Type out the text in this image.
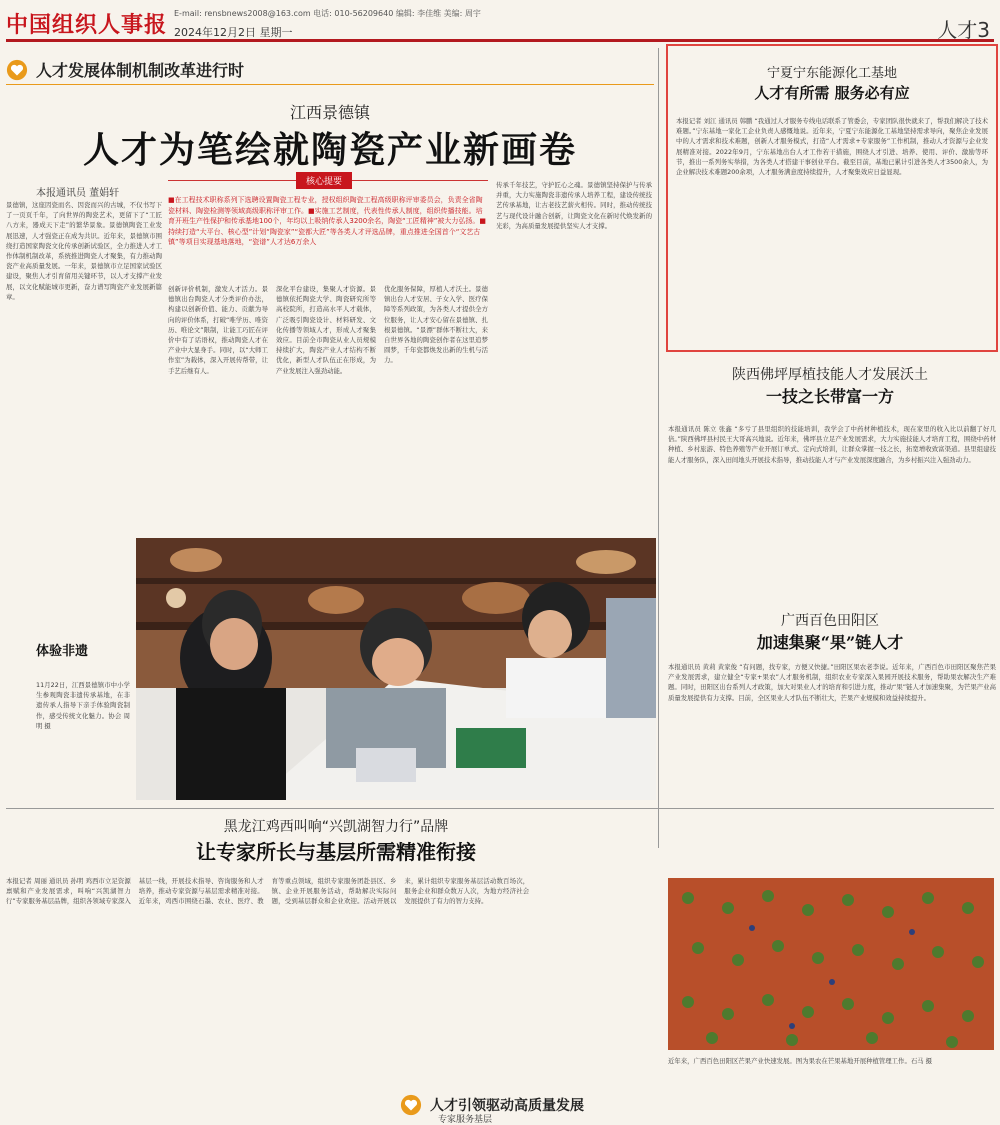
中国组织人事报 E-mail: rensbnews2008@163.com 电话: 010-56209640 编辑: 李佳维 美编: 周宇
2024年12月2日 星期一	人才3
人才发展体制机制改革进行时
江西景德镇
人才为笔绘就陶瓷产业新画卷
本报通讯员 董娟轩
景德镇，这座因瓷而名、因瓷而兴的古城，不仅书写下了一页页千年，了向世界的陶瓷艺术，更留下了“工匠八方来，器成天下走”的繁华景象。景德镇陶瓷工业发展迅速，人才强瓷正在成为共识。近年来，景德镇市围绕打造国家陶瓷文化传承创新试验区，全力推进人才工作体制机制改革，系统推进陶瓷人才聚集，有力推动陶瓷产业高质量发展。一年来，景德镇市立足国家试验区建设，聚焦人才引育留用关键环节，以人才支撑产业发展，以文化赋能城市更新，奋力谱写陶瓷产业发展新篇章。
核心提要
■在工程技术职称系列下选聘设置陶瓷工程专业，授权组织陶瓷工程高级职称评审委员会，负责全省陶瓷材料、陶瓷检测等领域高级职称评审工作。■实施工艺制度，代表性传承人制度，组织传播技能。培育开班生产性保护和传承基地100个，年均以上吸纳传承人3200余名，陶瓷“工匠精神”被大力弘扬。■持续打造“大平台、核心型”计划“陶瓷家”“瓷都大匠”等各类人才评选品牌，重点推进全国首个“文艺古镇”等项目实现基地落地，“瓷谱”人才达6万余人
传承千年技艺，守护匠心之魂。景德镇坚持保护与传承并重，大力实施陶瓷非遗传承人培养工程，建设传统技艺传承基地，让古老技艺薪火相传。同时，推动传统技艺与现代设计融合创新，让陶瓷文化在新时代焕发新的光彩，为高质量发展提供坚实人才支撑。
创新评价机制，激发人才活力。景德镇出台陶瓷人才分类评价办法，构建以创新价值、能力、贡献为导向的评价体系，打破“唯学历、唯资历、唯论文”限制，让能工巧匠在评价中有了话语权，推动陶瓷人才在产业中大显身手。同时，以“大师工作室”为载体，深入开展传帮带，让手艺后继有人。
深化平台建设，集聚人才资源。景德镇依托陶瓷大学、陶瓷研究所等高校院所，打造高水平人才载体，广泛吸引陶瓷设计、材料研发、文化传播等领域人才，形成人才聚集效应。目前全市陶瓷从业人员规模持续扩大，陶瓷产业人才结构不断优化，新型人才队伍正在形成，为产业发展注入强劲动能。
优化服务保障，厚植人才沃土。景德镇出台人才安居、子女入学、医疗保障等系列政策，为各类人才提供全方位服务，让人才安心留在景德镇、扎根景德镇。“景漂”群体不断壮大，来自世界各地的陶瓷创作者在这里追梦圆梦，千年瓷都焕发出新的生机与活力。
体验非遗
11月22日，江西景德镇市中小学生参观陶瓷非遗传承基地，在非遗传承人指导下亲手体验陶瓷制作，感受传统文化魅力。协会 周明 摄
宁夏宁东能源化工基地
人才有所需 服务必有应
本报记者 刘江 通讯员 韩鹏 “我通过人才服务专线电话联系了管委会，专家团队很快就来了，帮我们解决了技术难题。”宁东基地一家化工企业负责人感慨地说。近年来，宁夏宁东能源化工基地坚持需求导向，聚焦企业发展中的人才需求和技术难题，创新人才服务模式，打造“人才需求+专家服务”工作机制，推动人才资源与企业发展精准对接。2022年9月，宁东基地出台人才工作若干措施，围绕人才引进、培养、使用、评价、激励等环节，推出一系列务实举措，为各类人才搭建干事创业平台。截至目前，基地已累计引进各类人才3500余人，为企业解决技术难题200余项，人才服务满意度持续提升，人才聚集效应日益显现。
陕西佛坪厚植技能人才发展沃土
一技之长带富一方
本报通讯员 陈立 张鑫 “多亏了县里组织的技能培训，我学会了中药材种植技术，现在家里的收入比以前翻了好几倍。”陕西佛坪县村民王大哥高兴地说。近年来，佛坪县立足产业发展需求，大力实施技能人才培育工程，围绕中药材种植、乡村旅游、特色养殖等产业开展订单式、定向式培训，让群众掌握一技之长，拓宽增收致富渠道。县里组建技能人才服务队，深入田间地头开展技术指导，推动技能人才与产业发展深度融合，为乡村振兴注入强劲动力。
广西百色田阳区
加速集聚“果”链人才
本报通讯员 黄莉 黄家俊 “有问题，找专家，方便又快捷。”田阳区果农老李说。近年来，广西百色市田阳区聚焦芒果产业发展需求，建立健全“专家+果农”人才服务机制，组织农业专家深入果园开展技术服务，帮助果农解决生产难题。同时，田阳区出台系列人才政策，加大对果业人才的培育和引进力度，推动“果”链人才加速集聚，为芒果产业高质量发展提供有力支撑。目前，全区果业人才队伍不断壮大，芒果产业规模和效益持续提升。
黑龙江鸡西叫响“兴凯湖智力行”品牌
让专家所长与基层所需精准衔接
本报记者 周丽 通讯员 孙明 鸡西市立足资源禀赋和产业发展需求，叫响“兴凯湖智力行”专家服务基层品牌，组织各领域专家深入基层一线，开展技术指导、咨询服务和人才培养，推动专家资源与基层需求精准对接。近年来，鸡西市围绕石墨、农业、医疗、教育等重点领域，组织专家服务团赴县区、乡镇、企业开展服务活动，帮助解决实际问题，受到基层群众和企业欢迎。活动开展以来，累计组织专家服务基层活动数百场次，服务企业和群众数万人次，为地方经济社会发展提供了有力的智力支持。
人才引领驱动高质量发展
专家服务基层
近年来，广西百色田阳区芒果产业快速发展。图为果农在芒果基地开展种植管理工作。石马 摄
